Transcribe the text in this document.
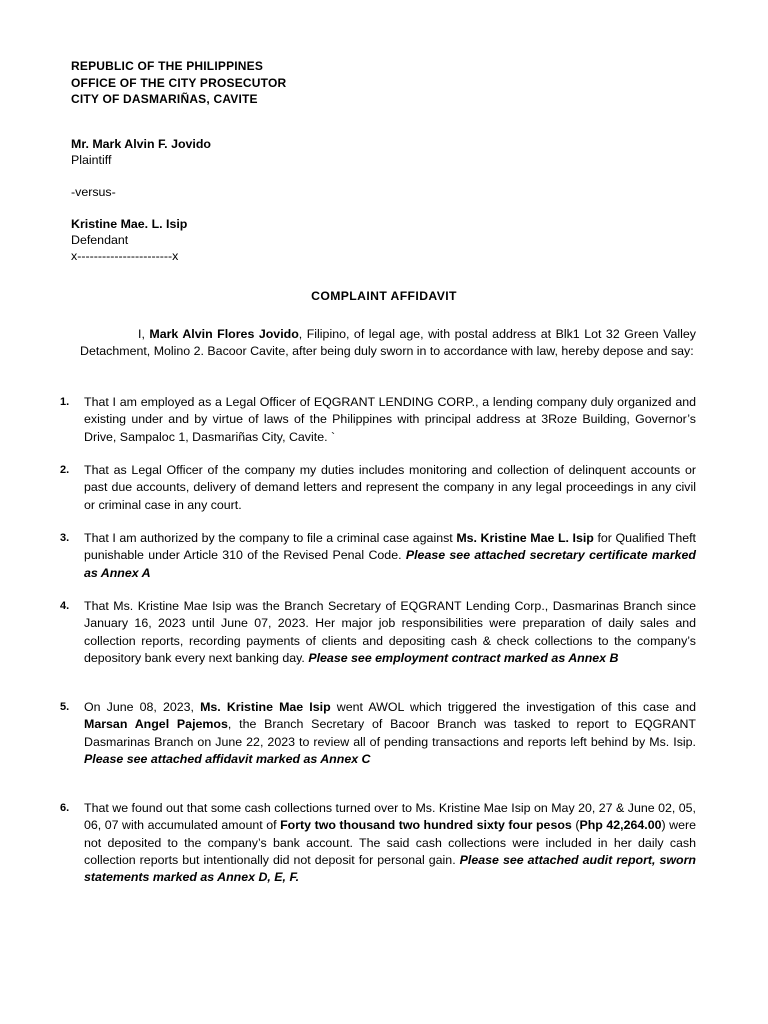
REPUBLIC OF THE PHILIPPINES
OFFICE OF THE CITY PROSECUTOR
CITY OF DASMARIÑAS, CAVITE
Mr. Mark Alvin F. Jovido
Plaintiff
-versus-
Kristine Mae. L. Isip
Defendant
x-----------------------x
COMPLAINT AFFIDAVIT
I, Mark Alvin Flores Jovido, Filipino, of legal age, with postal address at Blk1 Lot 32 Green Valley Detachment, Molino 2. Bacoor Cavite, after being duly sworn in to accordance with law, hereby depose and say:
1.	That I am employed as a Legal Officer of EQGRANT LENDING CORP., a lending company duly organized and existing under and by virtue of laws of the Philippines with principal address at 3Roze Building, Governor’s Drive, Sampaloc 1, Dasmariñas City, Cavite. `
2.	That as Legal Officer of the company my duties includes monitoring and collection of delinquent accounts or past due accounts, delivery of demand letters and represent the company in any legal proceedings in any civil or criminal case in any court.
3.	That I am authorized by the company to file a criminal case against Ms. Kristine Mae L. Isip for Qualified Theft punishable under Article 310 of the Revised Penal Code. Please see attached secretary certificate marked as Annex A
4.	That Ms. Kristine Mae Isip was the Branch Secretary of EQGRANT Lending Corp., Dasmarinas Branch since January 16, 2023 until June 07, 2023. Her major job responsibilities were preparation of daily sales and collection reports, recording payments of clients and depositing cash & check collections to the company’s depository bank every next banking day. Please see employment contract marked as Annex B
5.	On June 08, 2023, Ms. Kristine Mae Isip went AWOL which triggered the investigation of this case and Marsan Angel Pajemos, the Branch Secretary of Bacoor Branch was tasked to report to EQGRANT Dasmarinas Branch on June 22, 2023 to review all of pending transactions and reports left behind by Ms. Isip. Please see attached affidavit marked as Annex C
6.	That we found out that some cash collections turned over to Ms. Kristine Mae Isip on May 20, 27 & June 02, 05, 06, 07 with accumulated amount of Forty two thousand two hundred sixty four pesos (Php 42,264.00) were not deposited to the company’s bank account. The said cash collections were included in her daily cash collection reports but intentionally did not deposit for personal gain. Please see attached audit report, sworn statements marked as Annex D, E, F.
